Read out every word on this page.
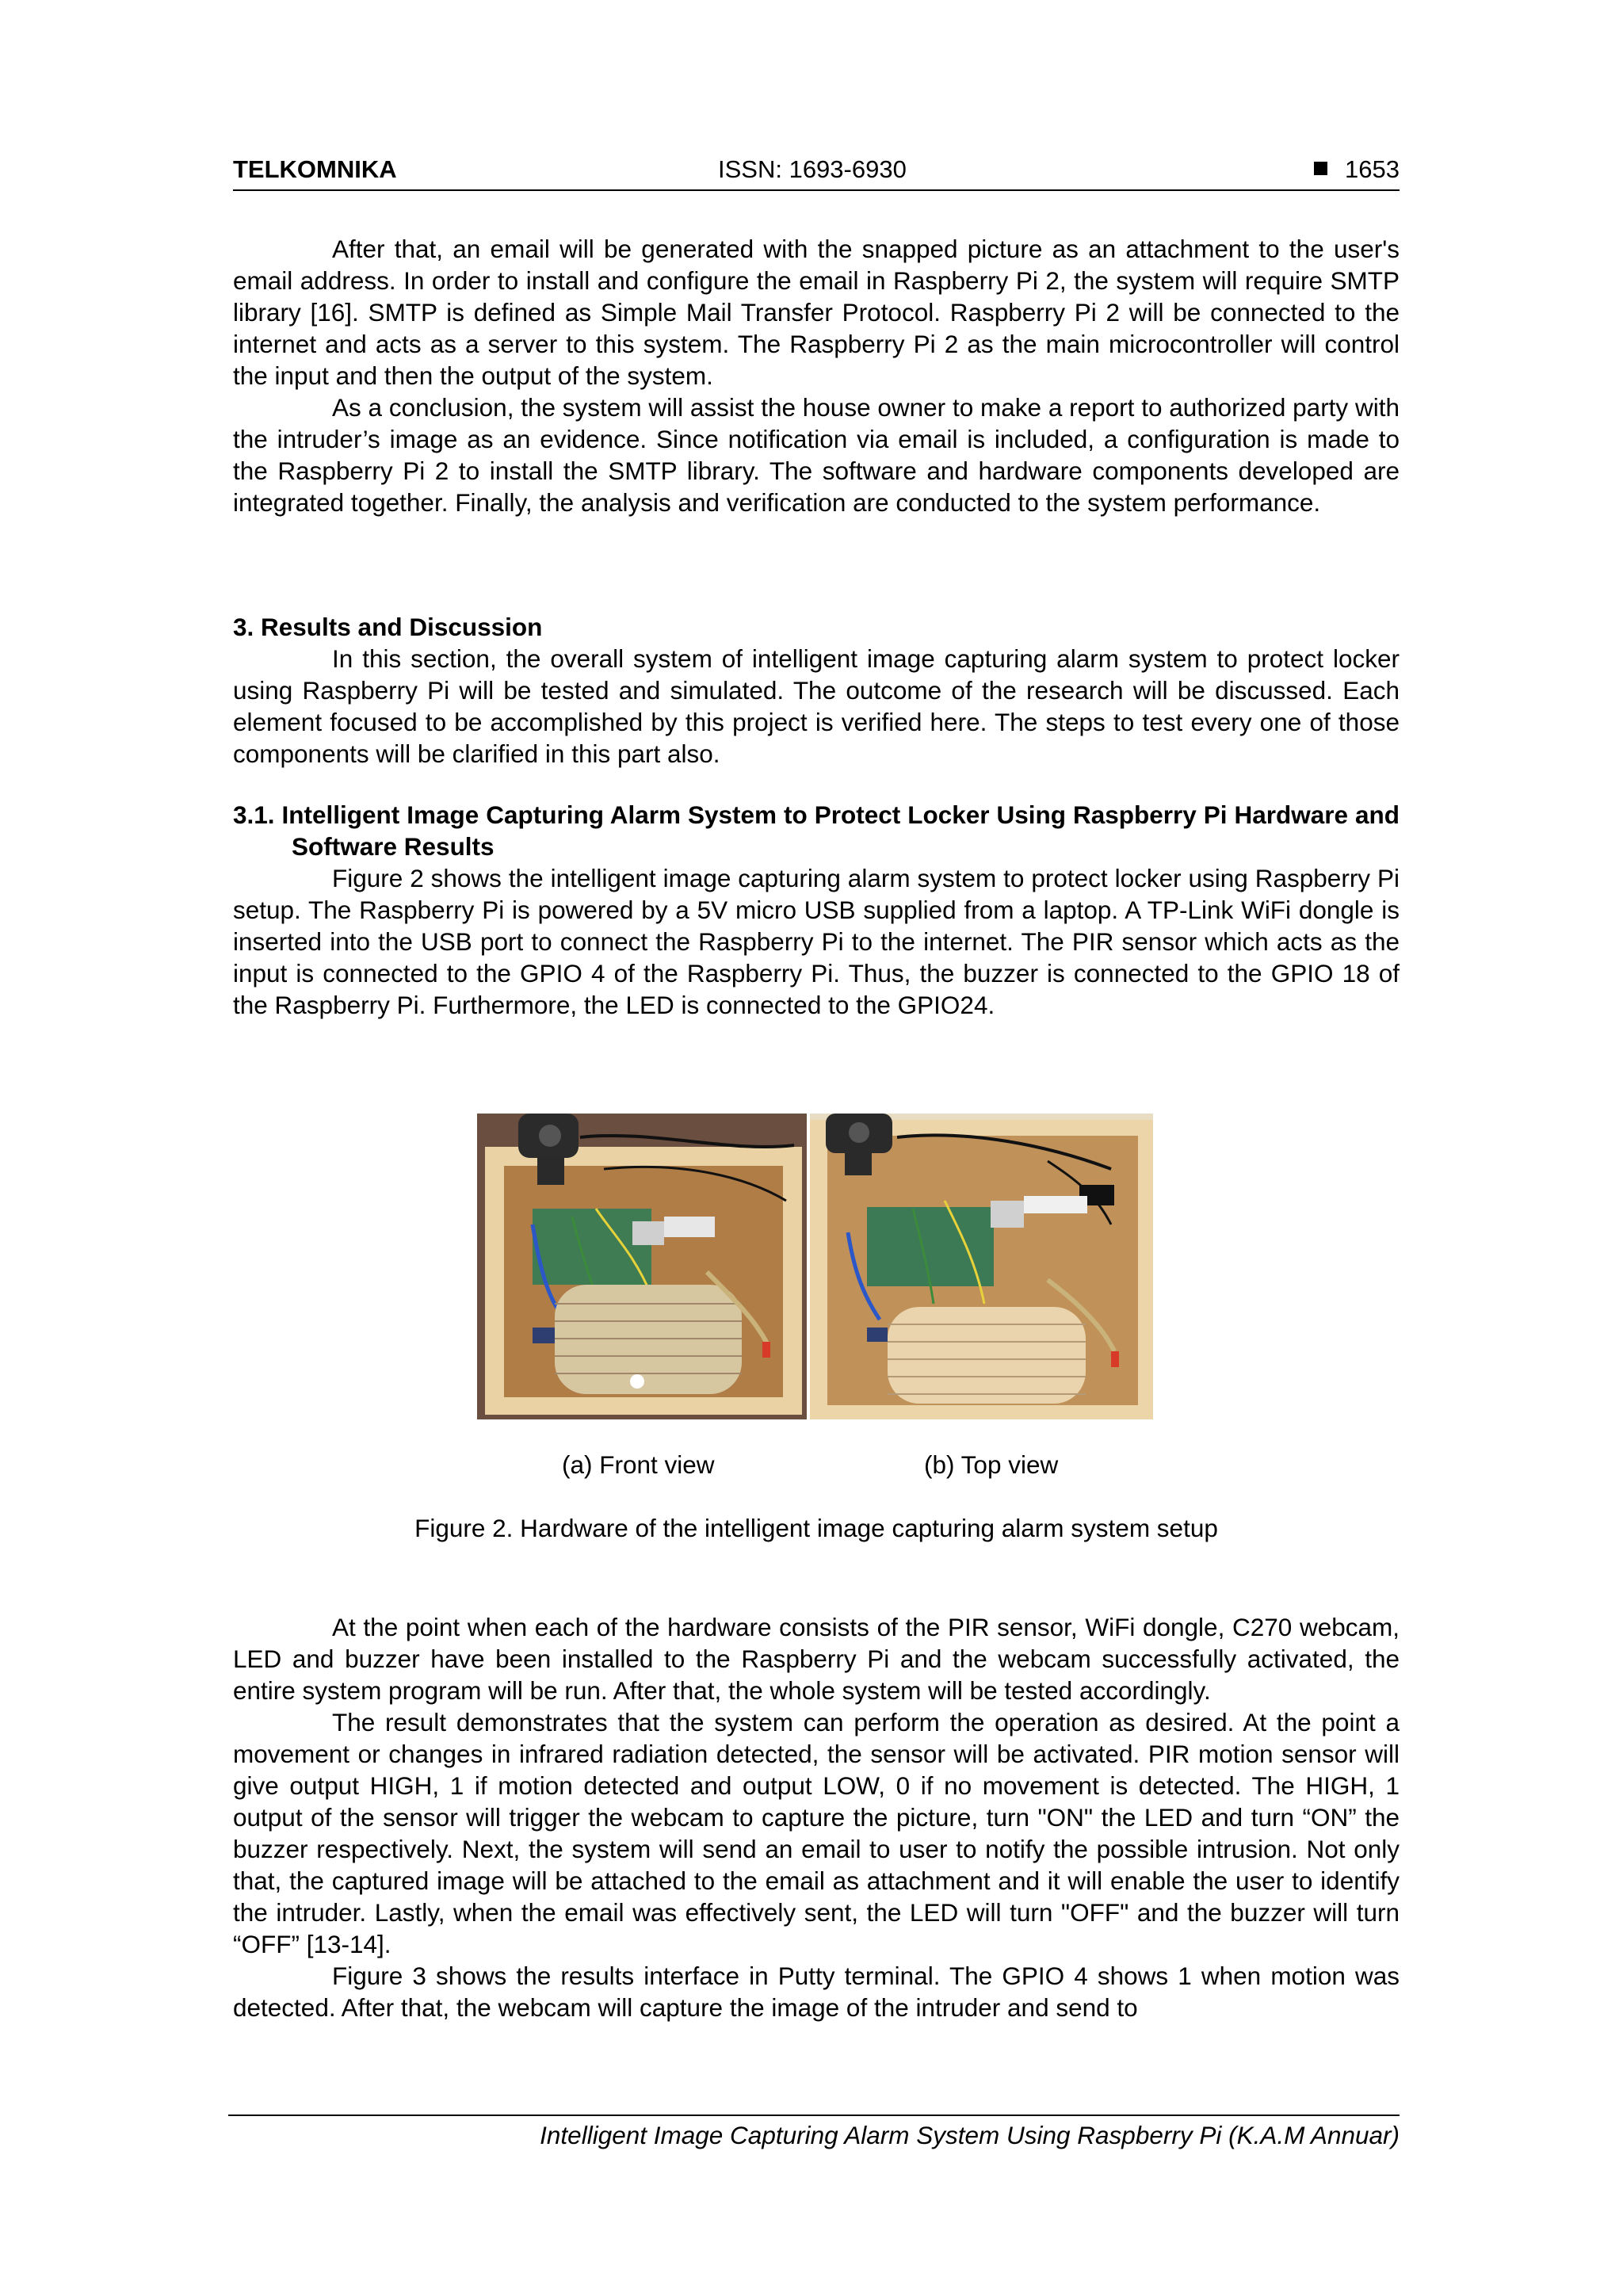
TELKOMNIKA	ISSN: 1693-6930	1653

After that, an email will be generated with the snapped picture as an attachment to the user's email address. In order to install and configure the email in Raspberry Pi 2, the system will require SMTP library [16]. SMTP is defined as Simple Mail Transfer Protocol. Raspberry Pi 2 will be connected to the internet and acts as a server to this system. The Raspberry Pi 2 as the main microcontroller will control the input and then the output of the system.

As a conclusion, the system will assist the house owner to make a report to authorized party with the intruder’s image as an evidence. Since notification via email is included, a configuration is made to the Raspberry Pi 2 to install the SMTP library. The software and hardware components developed are integrated together. Finally, the analysis and verification are conducted to the system performance.

3. Results and Discussion

In this section, the overall system of intelligent image capturing alarm system to protect locker using Raspberry Pi will be tested and simulated. The outcome of the research will be discussed. Each element focused to be accomplished by this project is verified here. The steps to test every one of those components will be clarified in this part also.

3.1. Intelligent Image Capturing Alarm System to Protect Locker Using Raspberry Pi Hardware and Software Results

Figure 2 shows the intelligent image capturing alarm system to protect locker using Raspberry Pi setup. The Raspberry Pi is powered by a 5V micro USB supplied from a laptop. A TP-Link WiFi dongle is inserted into the USB port to connect the Raspberry Pi to the internet. The PIR sensor which acts as the input is connected to the GPIO 4 of the Raspberry Pi. Thus, the buzzer is connected to the GPIO 18 of the Raspberry Pi. Furthermore, the LED is connected to the GPIO24.

(a) Front view	(b) Top view
Figure 2. Hardware of the intelligent image capturing alarm system setup

At the point when each of the hardware consists of the PIR sensor, WiFi dongle, C270 webcam, LED and buzzer have been installed to the Raspberry Pi and the webcam successfully activated, the entire system program will be run. After that, the whole system will be tested accordingly.

The result demonstrates that the system can perform the operation as desired. At the point a movement or changes in infrared radiation detected, the sensor will be activated. PIR motion sensor will give output HIGH, 1 if motion detected and output LOW, 0 if no movement is detected. The HIGH, 1 output of the sensor will trigger the webcam to capture the picture, turn "ON" the LED and turn “ON” the buzzer respectively. Next, the system will send an email to user to notify the possible intrusion. Not only that, the captured image will be attached to the email as attachment and it will enable the user to identify the intruder. Lastly, when the email was effectively sent, the LED will turn "OFF" and the buzzer will turn “OFF” [13-14].

Figure 3 shows the results interface in Putty terminal. The GPIO 4 shows 1 when motion was detected. After that, the webcam will capture the image of the intruder and send to

Intelligent Image Capturing Alarm System Using Raspberry Pi (K.A.M Annuar)
